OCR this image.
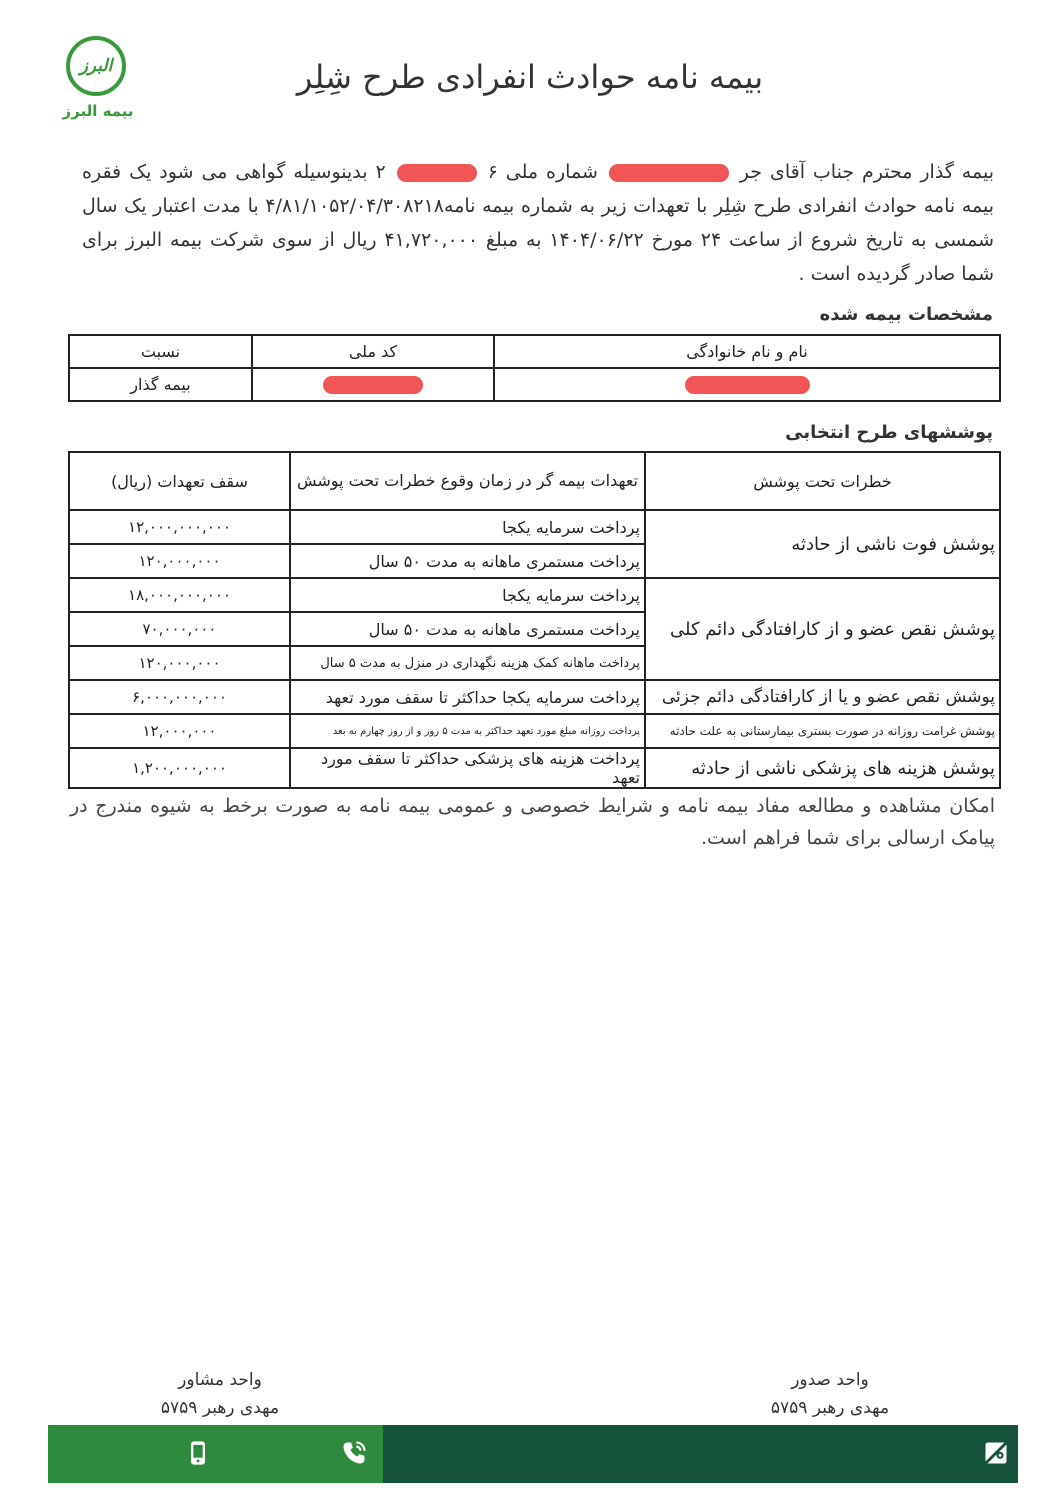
البرز
بیمه البرز
بیمه نامه حوادث انفرادی طرح شِلِر
بیمه گذار محترم جناب آقای جر  شماره ملی ۶  ۲ بدینوسیله گواهی می شود یک فقره بیمه نامه حوادث انفرادی طرح شِلِر با تعهدات زیر به شماره بیمه نامه۴/۸۱/۱۰۵۲/۰۴/۳۰۸۲۱۸ با مدت اعتبار یک سال شمسی به تاریخ شروع از ساعت ۲۴ مورخ ۱۴۰۴/۰۶/۲۲ به مبلغ ۴۱,۷۲۰,۰۰۰ ریال از سوی شرکت بیمه البرز برای شما صادر گردیده است .
مشخصات بیمه شده
نام و نام خانوادگی	کد ملی	نسبت
		بیمه گذار
پوششهای طرح انتخابی
خطرات تحت پوشش	تعهدات بیمه گر در زمان وقوع خطرات تحت پوشش	سقف تعهدات (ریال)
پوشش فوت ناشی از حادثه	پرداخت سرمایه یکجا	۱۲,۰۰۰,۰۰۰,۰۰۰
	پرداخت مستمری ماهانه به مدت ۵۰ سال	۱۲۰,۰۰۰,۰۰۰
پوشش نقص عضو و از کارافتادگی دائم کلی	پرداخت سرمایه یکجا	۱۸,۰۰۰,۰۰۰,۰۰۰
	پرداخت مستمری ماهانه به مدت ۵۰ سال	۷۰,۰۰۰,۰۰۰
	پرداخت ماهانه کمک هزینه نگهداری در منزل به مدت ۵ سال	۱۲۰,۰۰۰,۰۰۰
پوشش نقص عضو و یا از کارافتادگی دائم جزئی	پرداخت سرمایه یکجا حداکثر تا سقف مورد تعهد	۶,۰۰۰,۰۰۰,۰۰۰
پوشش غرامت روزانه در صورت بستری بیمارستانی به علت حادثه	پرداخت روزانه مبلغ مورد تعهد حداکثر به مدت ۵ روز و از روز چهارم به بعد	۱۲,۰۰۰,۰۰۰
پوشش هزینه های پزشکی ناشی از حادثه	پرداخت هزینه های پزشکی حداکثر تا سقف مورد تعهد	۱,۲۰۰,۰۰۰,۰۰۰
امکان مشاهده و مطالعه مفاد بیمه نامه و شرایط خصوصی و عمومی بیمه نامه به صورت برخط به شیوه مندرج در پیامک ارسالی برای شما فراهم است.
واحد صدور
مهدی رهبر ۵۷۵۹
واحد مشاور
مهدی رهبر ۵۷۵۹
